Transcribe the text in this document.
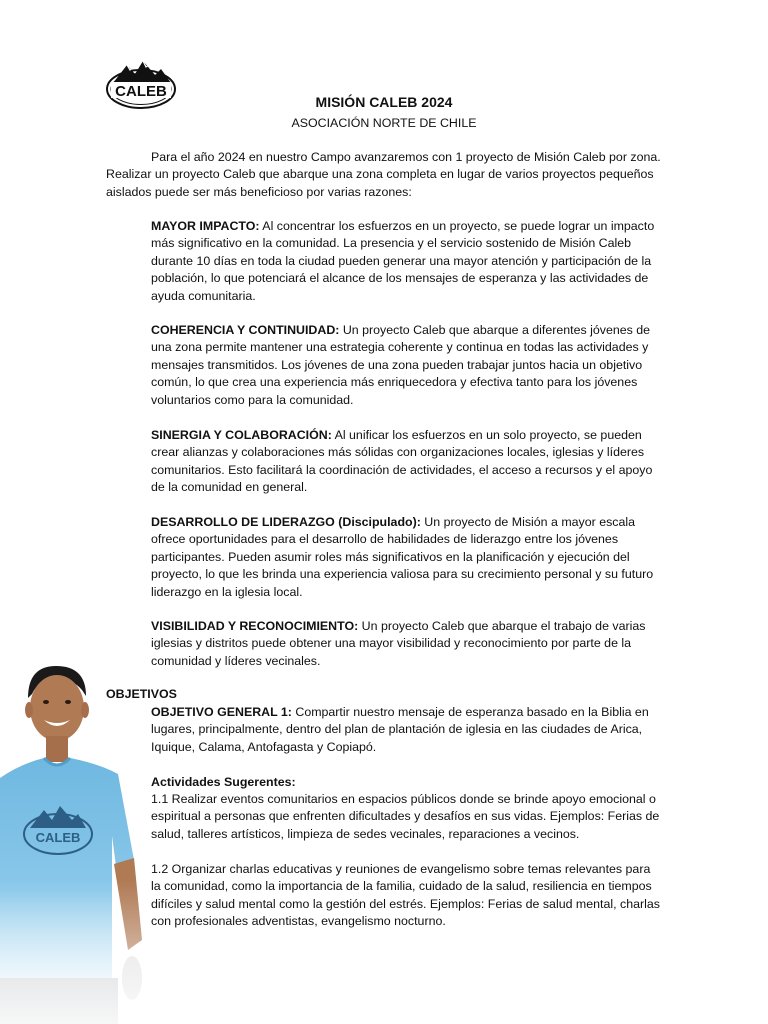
CALEB
MISIÓN CALEB 2024
ASOCIACIÓN NORTE DE CHILE

Para el año 2024 en nuestro Campo avanzaremos con 1 proyecto de Misión Caleb por zona. Realizar un proyecto Caleb que abarque una zona completa en lugar de varios proyectos pequeños aislados puede ser más beneficioso por varias razones:

MAYOR IMPACTO: Al concentrar los esfuerzos en un proyecto, se puede lograr un impacto más significativo en la comunidad. La presencia y el servicio sostenido de Misión Caleb durante 10 días en toda la ciudad pueden generar una mayor atención y participación de la población, lo que potenciará el alcance de los mensajes de esperanza y las actividades de ayuda comunitaria.

COHERENCIA Y CONTINUIDAD: Un proyecto Caleb que abarque a diferentes jóvenes de una zona permite mantener una estrategia coherente y continua en todas las actividades y mensajes transmitidos. Los jóvenes de una zona pueden trabajar juntos hacia un objetivo común, lo que crea una experiencia más enriquecedora y efectiva tanto para los jóvenes voluntarios como para la comunidad.

SINERGIA Y COLABORACIÓN: Al unificar los esfuerzos en un solo proyecto, se pueden crear alianzas y colaboraciones más sólidas con organizaciones locales, iglesias y líderes comunitarios. Esto facilitará la coordinación de actividades, el acceso a recursos y el apoyo de la comunidad en general.

DESARROLLO DE LIDERAZGO (Discipulado): Un proyecto de Misión a mayor escala ofrece oportunidades para el desarrollo de habilidades de liderazgo entre los jóvenes participantes. Pueden asumir roles más significativos en la planificación y ejecución del proyecto, lo que les brinda una experiencia valiosa para su crecimiento personal y su futuro liderazgo en la iglesia local.

VISIBILIDAD Y RECONOCIMIENTO: Un proyecto Caleb que abarque el trabajo de varias iglesias y distritos puede obtener una mayor visibilidad y reconocimiento por parte de la comunidad y líderes vecinales.

OBJETIVOS

OBJETIVO GENERAL 1: Compartir nuestro mensaje de esperanza basado en la Biblia en lugares, principalmente, dentro del plan de plantación de iglesia en las ciudades de Arica, Iquique, Calama, Antofagasta y Copiapó.

Actividades Sugerentes:

1.1 Realizar eventos comunitarios en espacios públicos donde se brinde apoyo emocional o espiritual a personas que enfrenten dificultades y desafíos en sus vidas. Ejemplos: Ferias de salud, talleres artísticos, limpieza de sedes vecinales, reparaciones a vecinos.

1.2 Organizar charlas educativas y reuniones de evangelismo sobre temas relevantes para la comunidad, como la importancia de la familia, cuidado de la salud, resiliencia en tiempos difíciles y salud mental como la gestión del estrés. Ejemplos: Ferias de salud mental, charlas con profesionales adventistas, evangelismo nocturno.

CALEB
